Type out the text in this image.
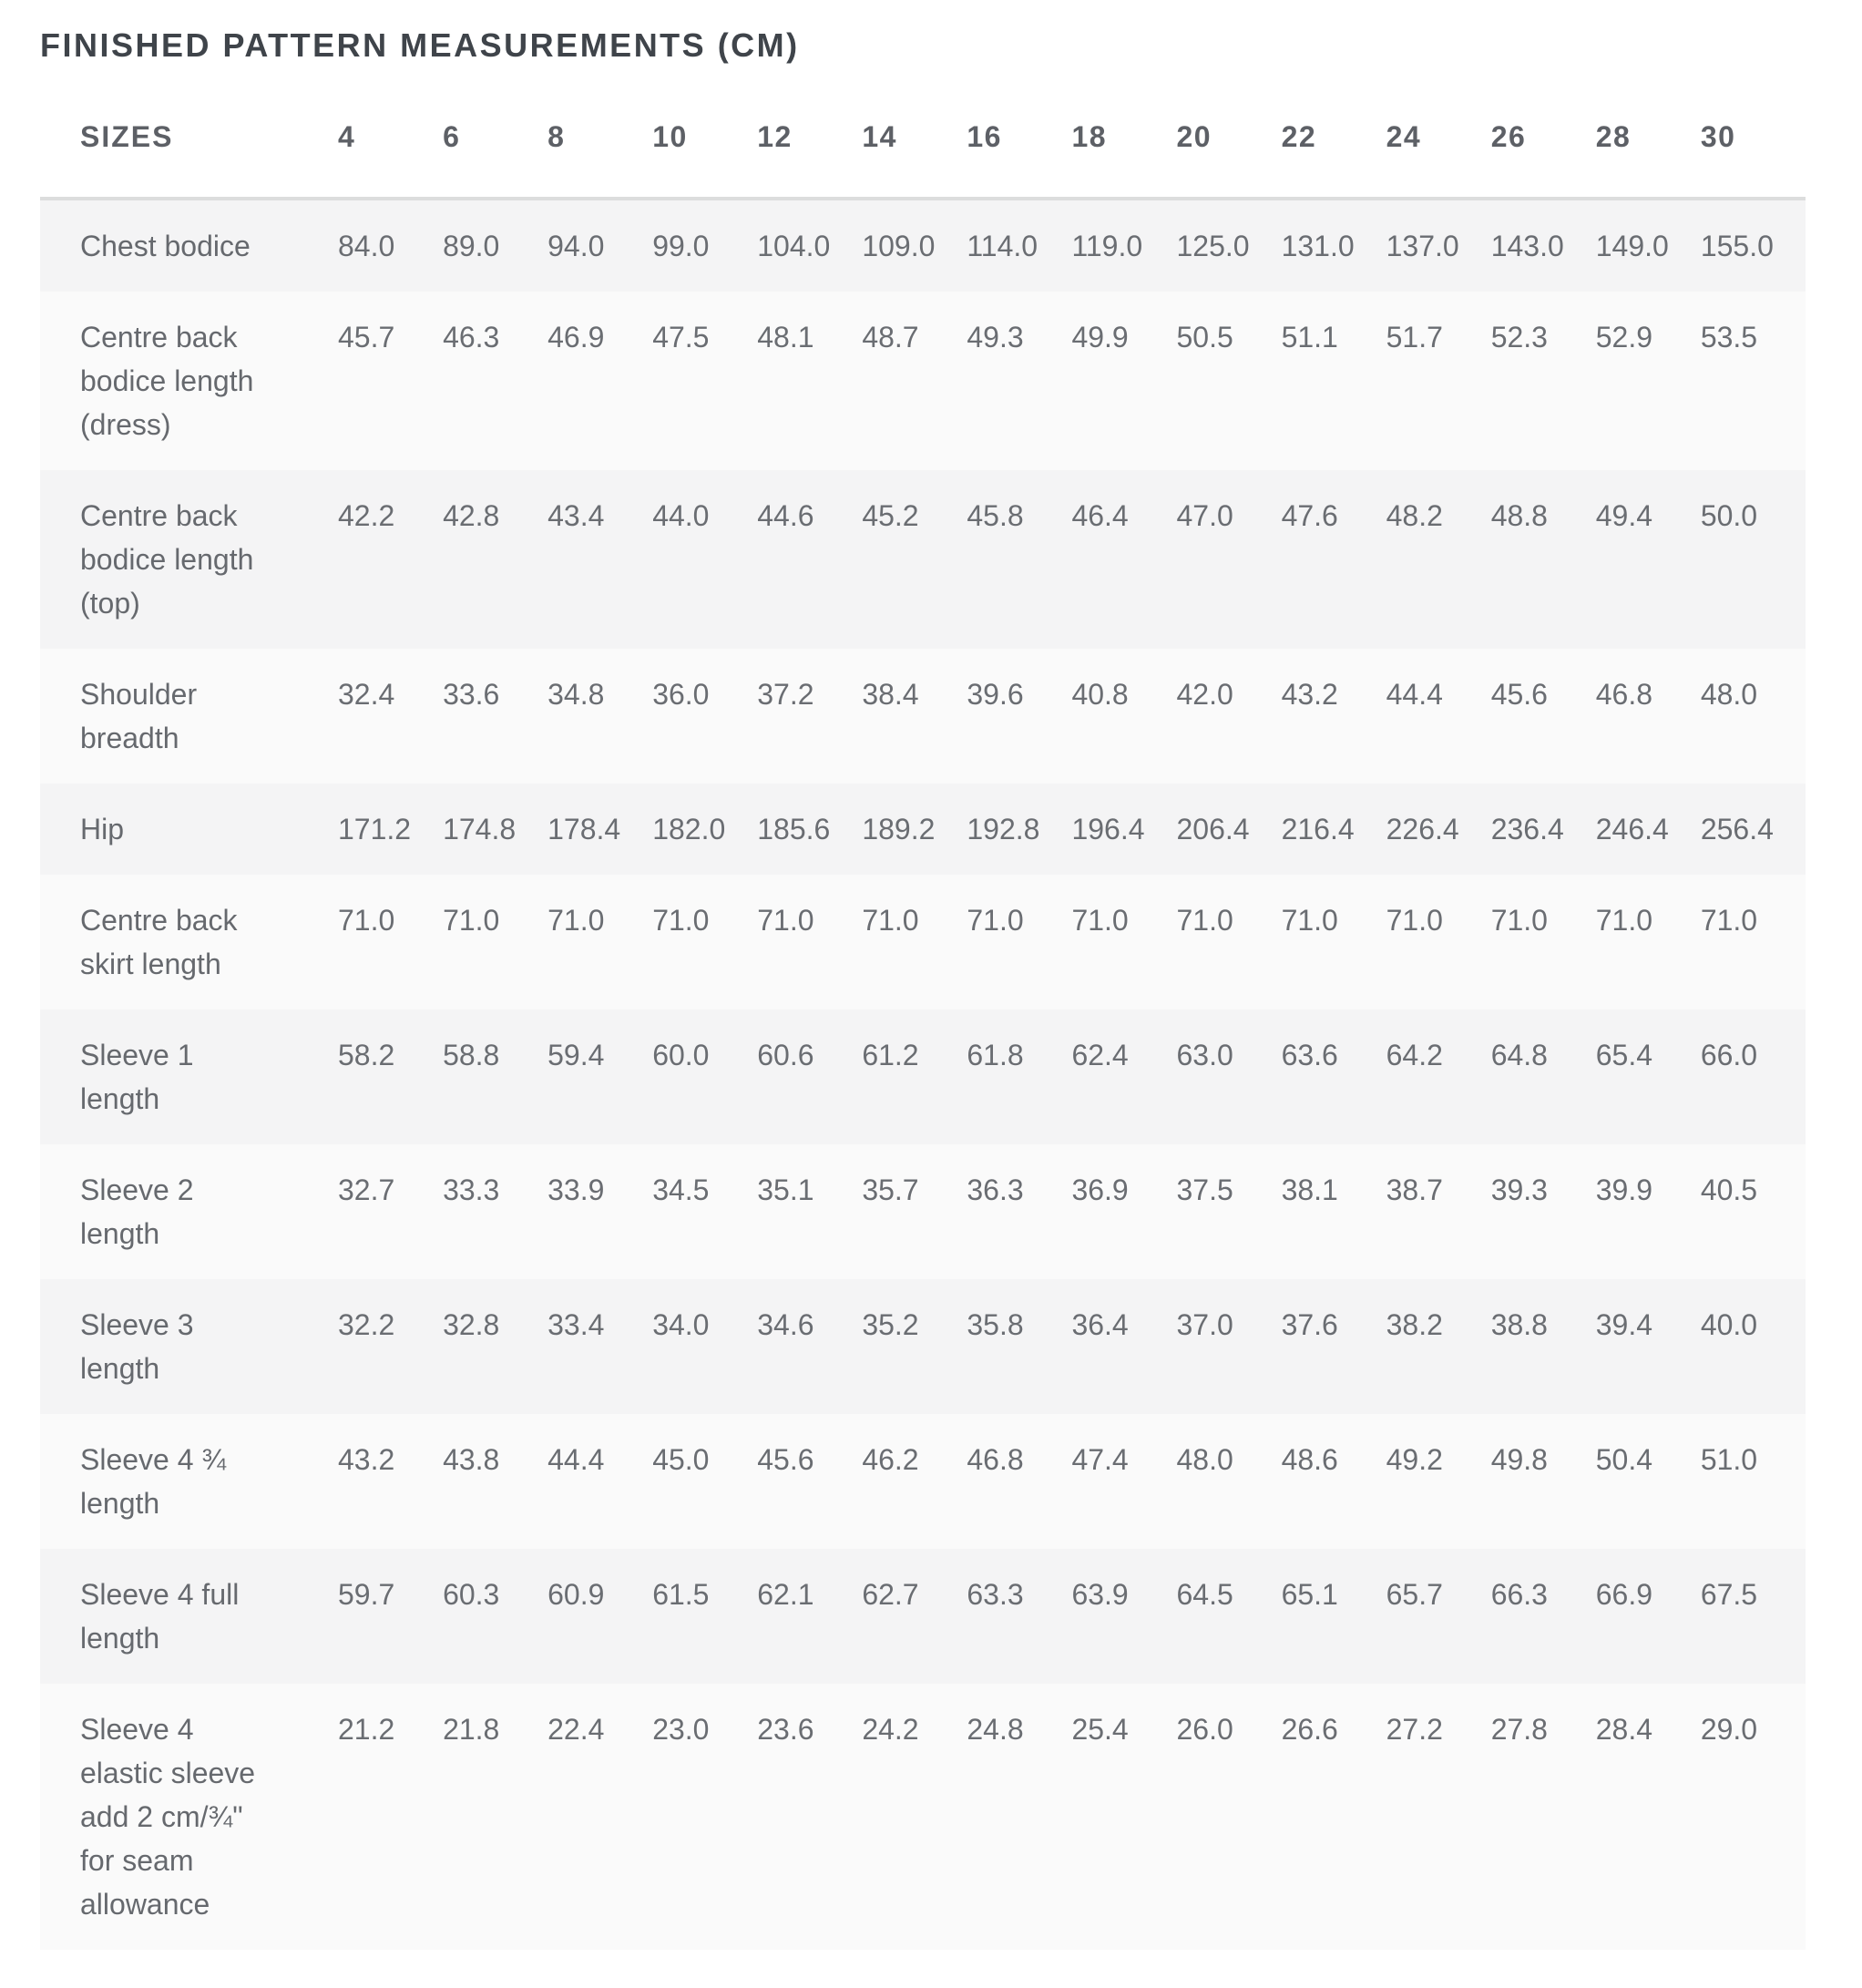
FINISHED PATTERN MEASUREMENTS (CM)
SIZES	4	6	8	10	12	14	16	18	20	22	24	26	28	30
Chest bodice	84.0	89.0	94.0	99.0	104.0	109.0	114.0	119.0	125.0	131.0	137.0	143.0	149.0	155.0
Centre back bodice length (dress)	45.7	46.3	46.9	47.5	48.1	48.7	49.3	49.9	50.5	51.1	51.7	52.3	52.9	53.5
Centre back bodice length (top)	42.2	42.8	43.4	44.0	44.6	45.2	45.8	46.4	47.0	47.6	48.2	48.8	49.4	50.0
Shoulder breadth	32.4	33.6	34.8	36.0	37.2	38.4	39.6	40.8	42.0	43.2	44.4	45.6	46.8	48.0
Hip	171.2	174.8	178.4	182.0	185.6	189.2	192.8	196.4	206.4	216.4	226.4	236.4	246.4	256.4
Centre back skirt length	71.0	71.0	71.0	71.0	71.0	71.0	71.0	71.0	71.0	71.0	71.0	71.0	71.0	71.0
Sleeve 1 length	58.2	58.8	59.4	60.0	60.6	61.2	61.8	62.4	63.0	63.6	64.2	64.8	65.4	66.0
Sleeve 2 length	32.7	33.3	33.9	34.5	35.1	35.7	36.3	36.9	37.5	38.1	38.7	39.3	39.9	40.5
Sleeve 3 length	32.2	32.8	33.4	34.0	34.6	35.2	35.8	36.4	37.0	37.6	38.2	38.8	39.4	40.0
Sleeve 4 ¾ length	43.2	43.8	44.4	45.0	45.6	46.2	46.8	47.4	48.0	48.6	49.2	49.8	50.4	51.0
Sleeve 4 full length	59.7	60.3	60.9	61.5	62.1	62.7	63.3	63.9	64.5	65.1	65.7	66.3	66.9	67.5
Sleeve 4 elastic sleeve add 2 cm/¾" for seam allowance	21.2	21.8	22.4	23.0	23.6	24.2	24.8	25.4	26.0	26.6	27.2	27.8	28.4	29.0
